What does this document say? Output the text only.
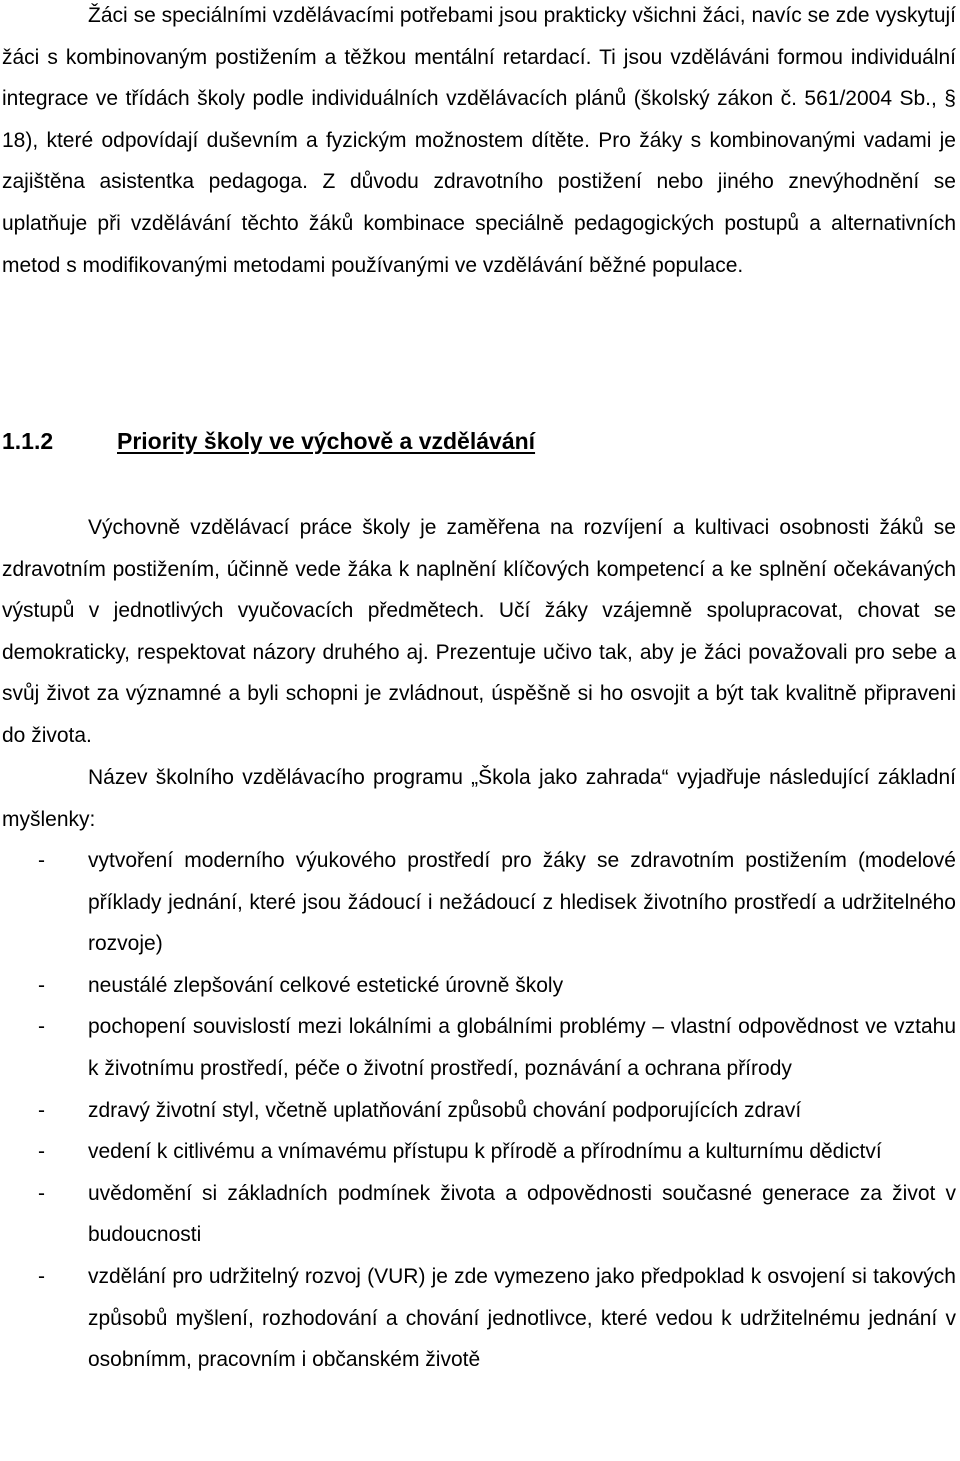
Žáci se speciálními vzdělávacími potřebami jsou prakticky všichni žáci, navíc se zde vyskytují žáci s kombinovaným postižením a těžkou mentální retardací. Ti jsou vzděláváni formou individuální integrace ve třídách školy podle individuálních vzdělávacích plánů (školský zákon č. 561/2004 Sb., § 18), které odpovídají duševním a fyzickým možnostem dítěte. Pro žáky s kombinovanými vadami je zajištěna asistentka pedagoga. Z důvodu zdravotního postižení nebo jiného znevýhodnění se uplatňuje při vzdělávání těchto žáků kombinace speciálně pedagogických postupů a alternativních metod s modifikovanými metodami používanými ve vzdělávání běžné populace.

1.1.2	Priority školy ve výchově a vzdělávání

Výchovně vzdělávací práce školy je zaměřena na rozvíjení a kultivaci osobnosti žáků se zdravotním postižením, účinně vede žáka k naplnění klíčových kompetencí a ke splnění očekávaných výstupů v jednotlivých vyučovacích předmětech. Učí žáky vzájemně spolupracovat, chovat se demokraticky, respektovat názory druhého aj. Prezentuje učivo tak, aby je žáci považovali pro sebe a svůj život za významné a byli schopni je zvládnout, úspěšně si ho osvojit a být tak kvalitně připraveni do života.

Název školního vzdělávacího programu „Škola jako zahrada“ vyjadřuje následující základní myšlenky:

- vytvoření moderního výukového prostředí pro žáky se zdravotním postižením (modelové příklady jednání, které jsou žádoucí i nežádoucí z hledisek životního prostředí a udržitelného rozvoje)
- neustálé zlepšování celkové estetické úrovně školy
- pochopení souvislostí mezi lokálními a globálními problémy – vlastní odpovědnost ve vztahu k životnímu prostředí, péče o životní prostředí, poznávání a ochrana přírody
- zdravý životní styl, včetně uplatňování způsobů chování podporujících zdraví
- vedení k citlivému a vnímavému přístupu k přírodě a přírodnímu a kulturnímu dědictví
- uvědomění si základních podmínek života a odpovědnosti současné generace za život v budoucnosti
- vzdělání pro udržitelný rozvoj (VUR) je zde vymezeno jako předpoklad k osvojení si takových způsobů myšlení, rozhodování a chování jednotlivce, které vedou k udržitelnému jednání v osobnímm, pracovním i občanském životě
